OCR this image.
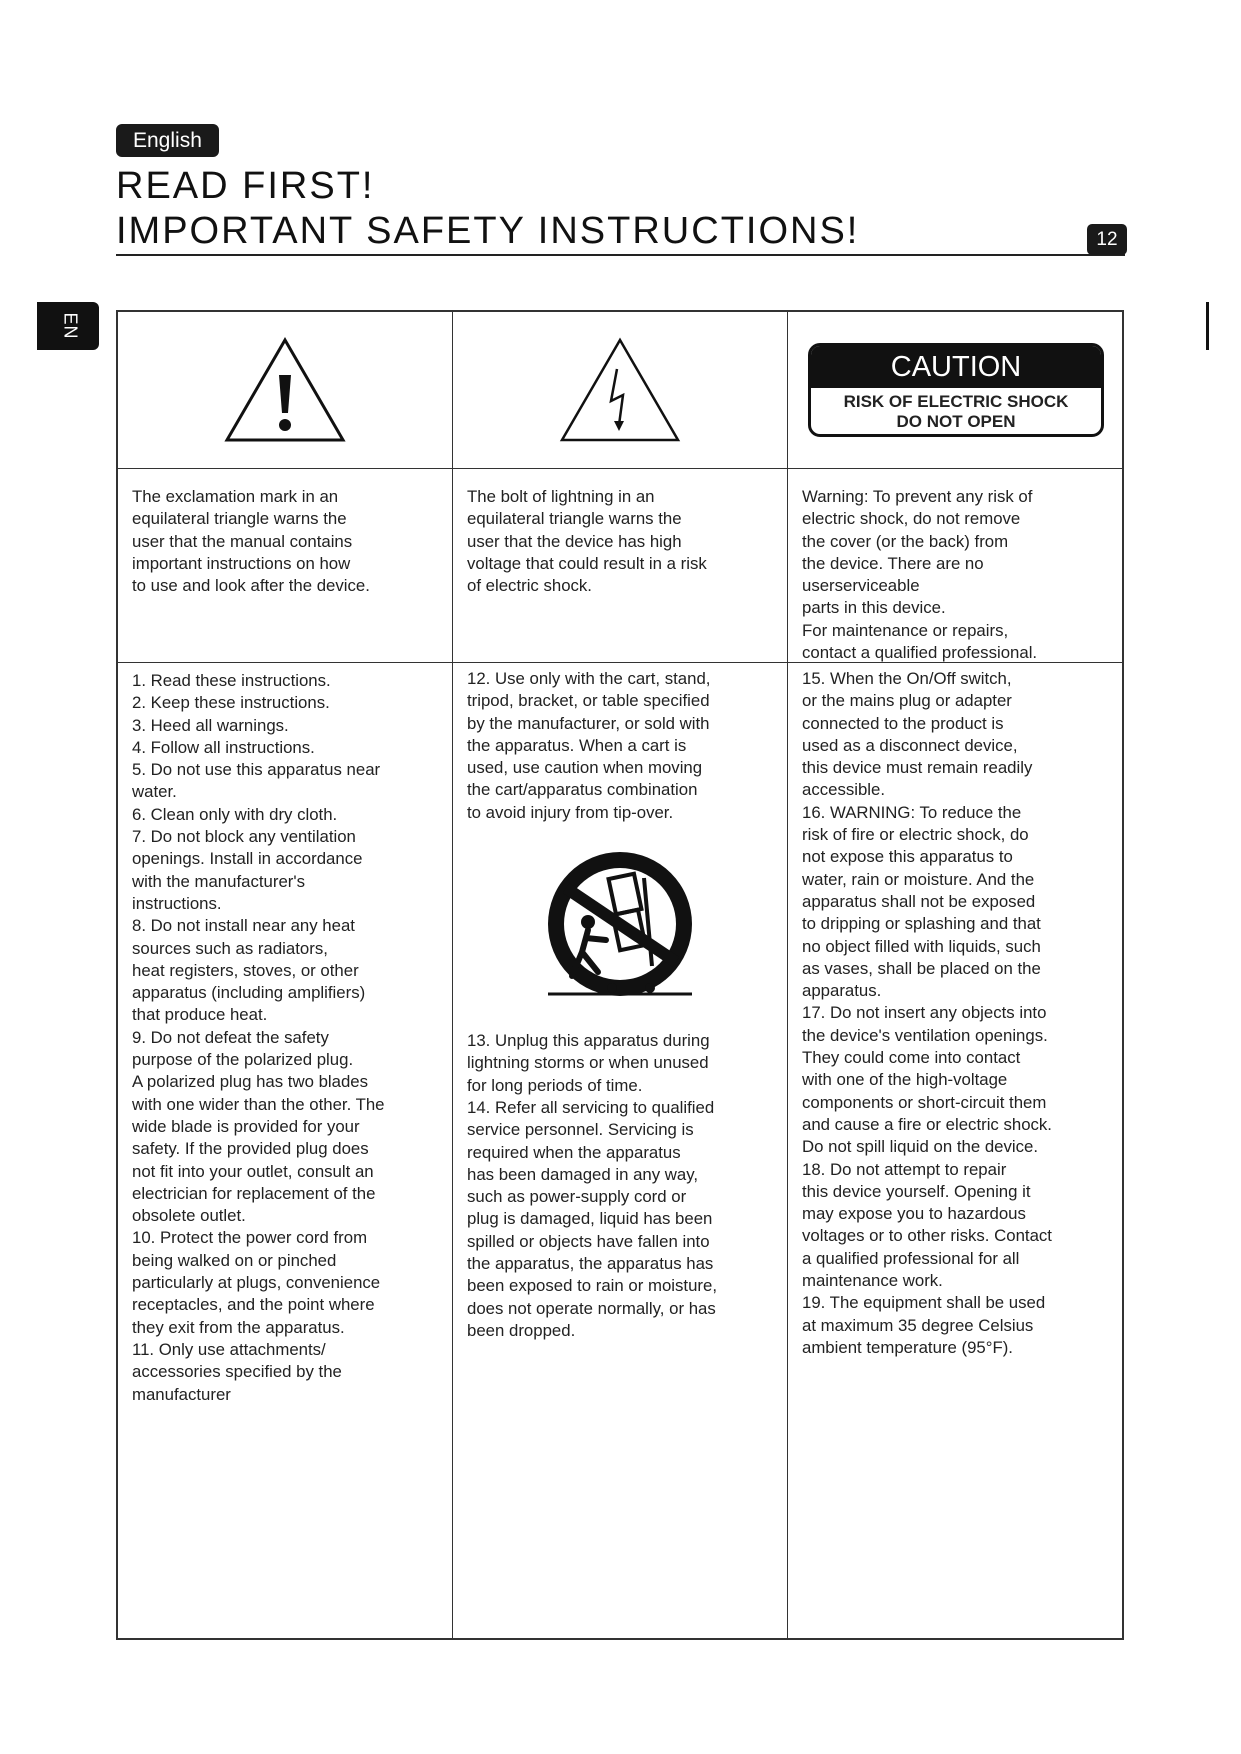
English
READ FIRST!
IMPORTANT SAFETY INSTRUCTIONS!	12
EN
CAUTION
RISK OF ELECTRIC SHOCK
DO NOT OPEN

The exclamation mark in an
equilateral triangle warns the
user that the manual contains
important instructions on how
to use and look after the device.

The bolt of lightning in an
equilateral triangle warns the
user that the device has high
voltage that could result in a risk
of electric shock.

Warning: To prevent any risk of
electric shock, do not remove
the cover (or the back) from
the device. There are no
userserviceable
parts in this device.
For maintenance or repairs,
contact a qualified professional.

1. Read these instructions.
2. Keep these instructions.
3. Heed all warnings.
4. Follow all instructions.
5. Do not use this apparatus near
water.
6. Clean only with dry cloth.
7. Do not block any ventilation
openings. Install in accordance
with the manufacturer's
instructions.
8. Do not install near any heat
sources such as radiators,
heat registers, stoves, or other
apparatus (including amplifiers)
that produce heat.
9. Do not defeat the safety
purpose of the polarized plug.
A polarized plug has two blades
with one wider than the other. The
wide blade is provided for your
safety. If the provided plug does
not fit into your outlet, consult an
electrician for replacement of the
obsolete outlet.
10. Protect the power cord from
being walked on or pinched
particularly at plugs, convenience
receptacles, and the point where
they exit from the apparatus.
11. Only use attachments/
accessories specified by the
manufacturer

12. Use only with the cart, stand,
tripod, bracket, or table specified
by the manufacturer, or sold with
the apparatus. When a cart is
used, use caution when moving
the cart/apparatus combination
to avoid injury from tip-over.

13. Unplug this apparatus during
lightning storms or when unused
for long periods of time.
14. Refer all servicing to qualified
service personnel. Servicing is
required when the apparatus
has been damaged in any way,
such as power-supply cord or
plug is damaged, liquid has been
spilled or objects have fallen into
the apparatus, the apparatus has
been exposed to rain or moisture,
does not operate normally, or has
been dropped.

15. When the On/Off switch,
or the mains plug or adapter
connected to the product is
used as a disconnect device,
this device must remain readily
accessible.
16. WARNING: To reduce the
risk of fire or electric shock, do
not expose this apparatus to
water, rain or moisture. And the
apparatus shall not be exposed
to dripping or splashing and that
no object filled with liquids, such
as vases, shall be placed on the
apparatus.
17. Do not insert any objects into
the device's ventilation openings.
They could come into contact
with one of the high-voltage
components or short-circuit them
and cause a fire or electric shock.
Do not spill liquid on the device.
18. Do not attempt to repair
this device yourself. Opening it
may expose you to hazardous
voltages or to other risks. Contact
a qualified professional for all
maintenance work.
19. The equipment shall be used
at maximum 35 degree Celsius
ambient temperature (95°F).
